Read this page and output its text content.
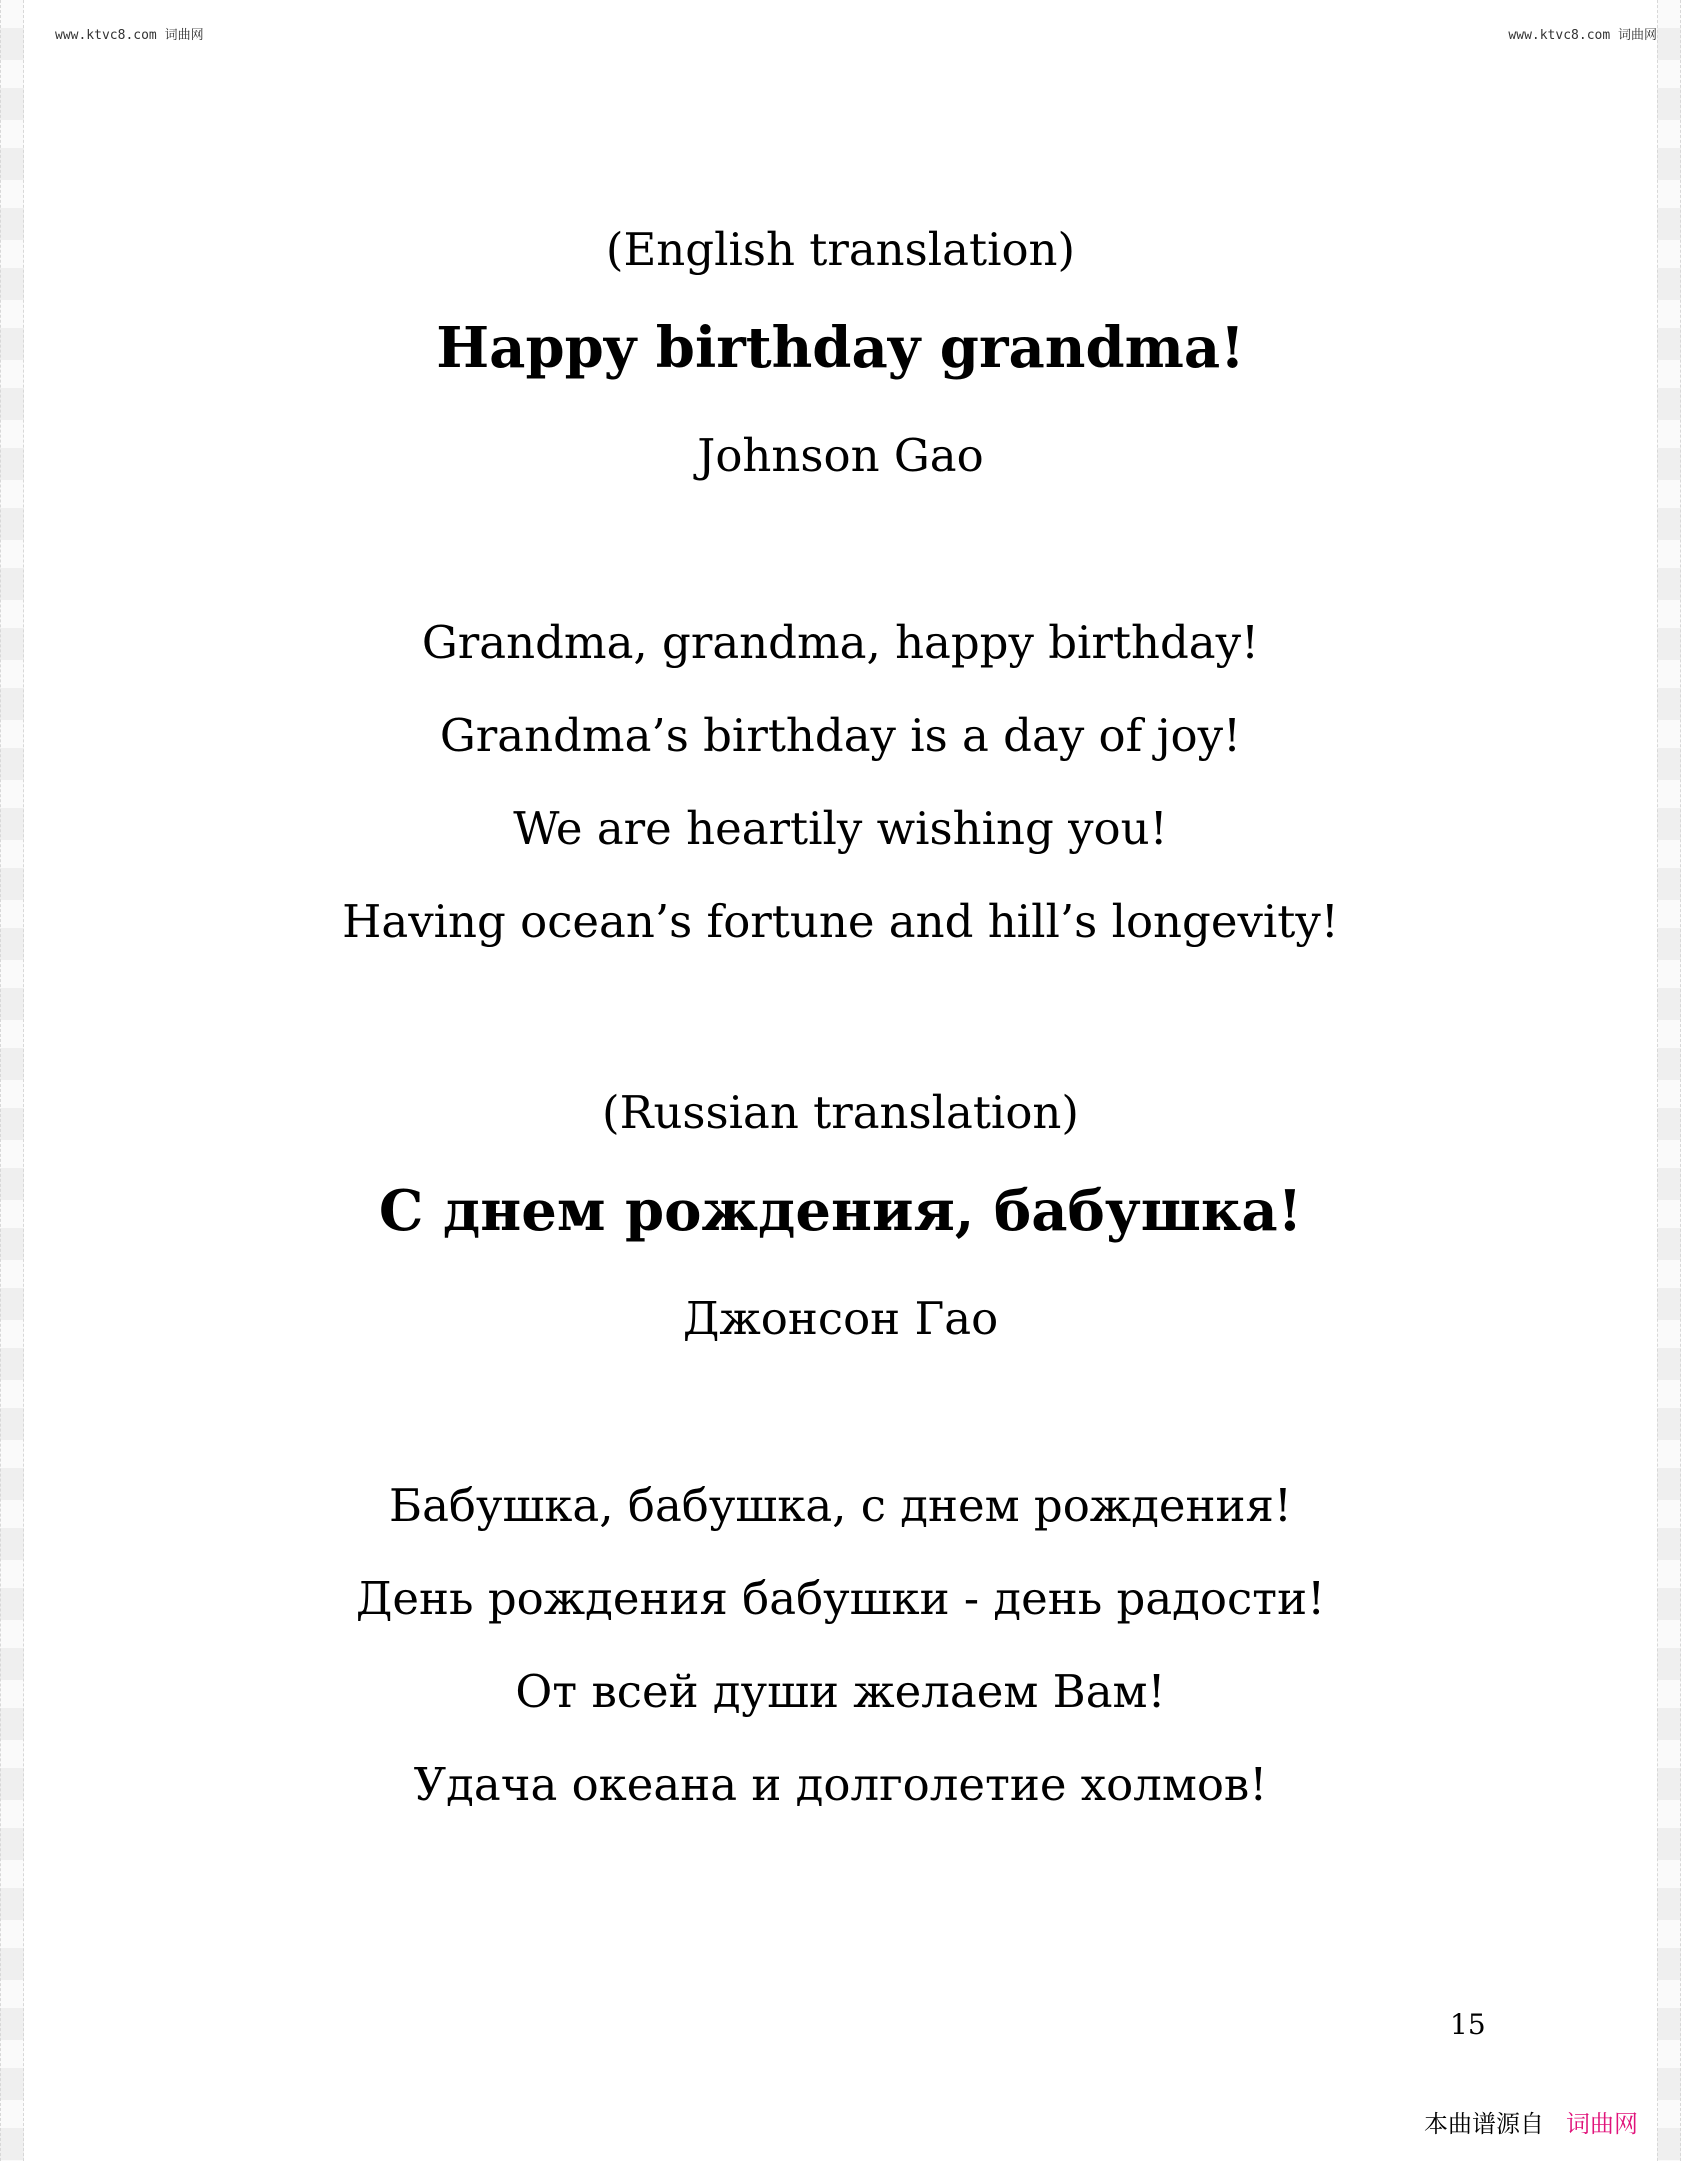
www.ktvc8.com 词曲网	www.ktvc8.com 词曲网
(English translation)
Happy birthday grandma!
Johnson Gao
Grandma, grandma, happy birthday!
Grandma’s birthday is a day of joy!
We are heartily wishing you!
Having ocean’s fortune and hill’s longevity!
(Russian translation)
С днем рождения, бабушка!
Джонсон Гао
Бабушка, бабушка, с днем рождения!
День рождения бабушки - день радости!
От всей души желаем Вам!
Удача океана и долголетие холмов!
15
本曲谱源自 词曲网
